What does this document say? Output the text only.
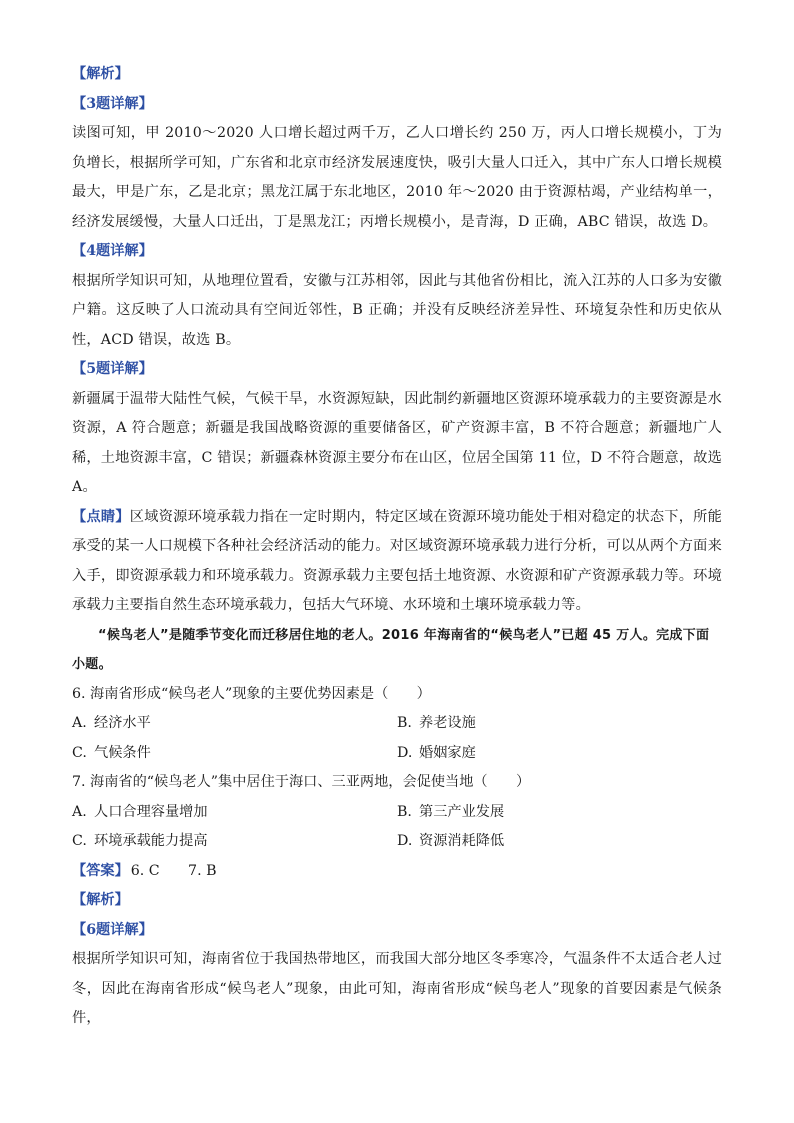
【解析】

【3题详解】

读图可知，甲 2010～2020 人口增长超过两千万，乙人口增长约 250 万，丙人口增长规模小，丁为负增长，根据所学可知，广东省和北京市经济发展速度快，吸引大量人口迁入，其中广东人口增长规模最大，甲是广东，乙是北京；黑龙江属于东北地区，2010 年～2020 由于资源枯竭，产业结构单一，经济发展缓慢，大量人口迁出，丁是黑龙江；丙增长规模小，是青海，D 正确，ABC 错误，故选 D。

【4题详解】

根据所学知识可知，从地理位置看，安徽与江苏相邻，因此与其他省份相比，流入江苏的人口多为安徽户籍。这反映了人口流动具有空间近邻性，B 正确；并没有反映经济差异性、环境复杂性和历史依从性，ACD 错误，故选 B。

【5题详解】

新疆属于温带大陆性气候，气候干旱，水资源短缺，因此制约新疆地区资源环境承载力的主要资源是水资源，A 符合题意；新疆是我国战略资源的重要储备区，矿产资源丰富，B 不符合题意；新疆地广人稀，土地资源丰富，C 错误；新疆森林资源主要分布在山区，位居全国第 11 位，D 不符合题意，故选 A。

【点睛】区域资源环境承载力指在一定时期内，特定区域在资源环境功能处于相对稳定的状态下，所能承受的某一人口规模下各种社会经济活动的能力。对区域资源环境承载力进行分析，可以从两个方面来入手，即资源承载力和环境承载力。资源承载力主要包括土地资源、水资源和矿产资源承载力等。环境承载力主要指自然生态环境承载力，包括大气环境、水环境和土壤环境承载力等。

“候鸟老人”是随季节变化而迁移居住地的老人。2016 年海南省的“候鸟老人”已超 45 万人。完成下面小题。

6. 海南省形成“候鸟老人”现象的主要优势因素是（　　）

A. 经济水平	B. 养老设施
C. 气候条件	D. 婚姻家庭

7. 海南省的“候鸟老人”集中居住于海口、三亚两地，会促使当地（　　）

A. 人口合理容量增加	B. 第三产业发展
C. 环境承载能力提高	D. 资源消耗降低

【答案】 6. C　　7. B

【解析】

【6题详解】

根据所学知识可知，海南省位于我国热带地区，而我国大部分地区冬季寒冷，气温条件不太适合老人过冬，因此在海南省形成“候鸟老人”现象，由此可知，海南省形成“候鸟老人”现象的首要因素是气候条件，
